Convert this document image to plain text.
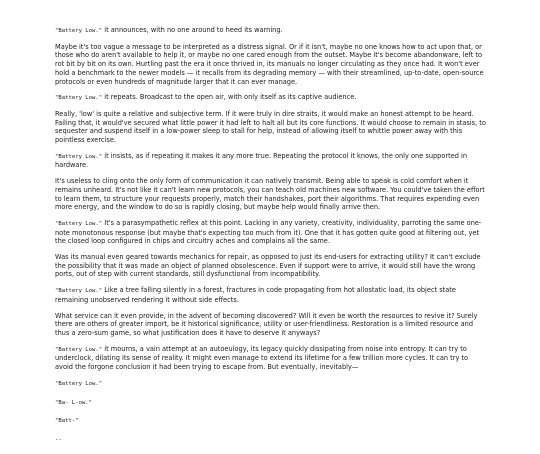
"Battery Low." it announces, with no one around to heed its warning.

Maybe it's too vague a message to be interpreted as a distress signal. Or if it isn't, maybe no one knows how to act upon that, or those who do aren't available to help it, or maybe no one cared enough from the outset. Maybe it's become abandonware, left to rot bit by bit on its own. Hurtling past the era it once thrived in, its manuals no longer circulating as they once had. It won't ever hold a benchmark to the newer models — it recalls from its degrading memory — with their streamlined, up-to-date, open-source protocols or even hundreds of magnitude larger that it can ever manage.

"Battery Low." it repeats. Broadcast to the open air, with only itself as its captive audience.

Really, 'low' is quite a relative and subjective term. If it were truly in dire straits, it would make an honest attempt to be heard. Failing that, it would've secured what little power it had left to halt all but its core functions. It would choose to remain in stasis, to sequester and suspend itself in a low-power sleep to stall for help, instead of allowing itself to whittle power away with this pointless exercise.

"Battery Low." it insists, as if repeating it makes it any more true. Repeating the protocol it knows, the only one supported in hardware.

It's useless to cling onto the only form of communication it can natively transmit. Being able to speak is cold comfort when it remains unheard. It's not like it can't learn new protocols, you can teach old machines new software. You could've taken the effort to learn them, to structure your requests properly, match their handshakes, port their algorithms. That requires expending even more energy, and the window to do so is rapidly closing, but maybe help would finally arrive then.

"Battery Low." It's a parasympathetic reflex at this point. Lacking in any variety, creativity, individuality, parroting the same one-note monotonous response (but maybe that's expecting too much from it). One that it has gotten quite good at filtering out, yet the closed loop configured in chips and circuitry aches and complains all the same.

Was its manual even geared towards mechanics for repair, as opposed to just its end-users for extracting utility? It can't exclude the possibility that it was made an object of planned obsolescence. Even if support were to arrive, it would still have the wrong ports, out of step with current standards, still dysfunctional from incompatibility.

"Battery Low." Like a tree falling silently in a forest, fractures in code propagating from hot allostatic load, its object state remaining unobserved rendering it without side effects.

What service can it even provide, in the advent of becoming discovered? Will it even be worth the resources to revive it? Surely there are others of greater import, be it historical significance, utility or user-friendliness. Restoration is a limited resource and thus a zero-sum game, so what justification does it have to deserve it anyways?

"Battery Low." it mourns, a vain attempt at an autoeulogy, its legacy quickly dissipating from noise into entropy. It can try to underclock, dilating its sense of reality. It might even manage to extend its lifetime for a few trillion more cycles. It can try to avoid the forgone conclusion it had been trying to escape from. But eventually, inevitably—

"Battery Low."

"Ba- L-ow."

"Batt-"

--
